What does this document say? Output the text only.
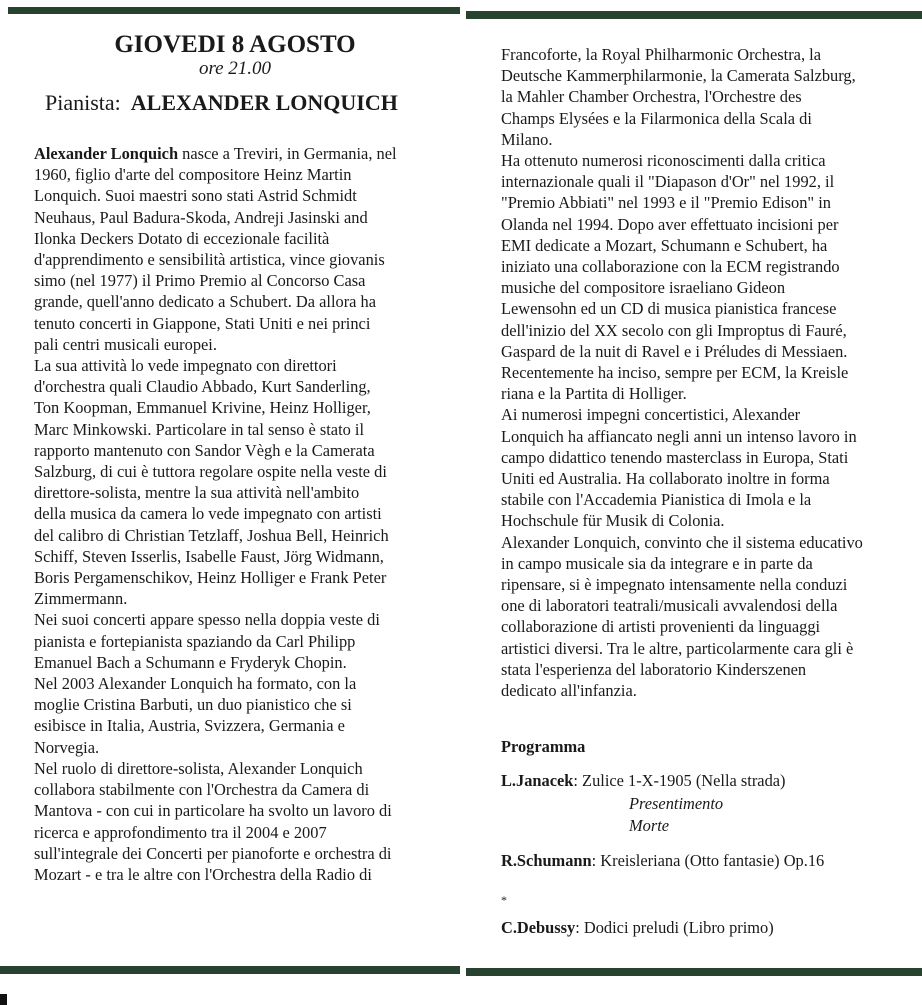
GIOVEDI 8 AGOSTO
ore 21.00
Pianista: ALEXANDER LONQUICH

Alexander Lonquich nasce a Treviri, in Germania, nel
1960, figlio d'arte del compositore Heinz Martin
Lonquich. Suoi maestri sono stati Astrid Schmidt
Neuhaus, Paul Badura-Skoda, Andreji Jasinski and
Ilonka Deckers Dotato di eccezionale facilità
d'apprendimento e sensibilità artistica, vince giovanis
simo (nel 1977) il Primo Premio al Concorso Casa
grande, quell'anno dedicato a Schubert. Da allora ha
tenuto concerti in Giappone, Stati Uniti e nei princi
pali centri musicali europei.

La sua attività lo vede impegnato con direttori
d'orchestra quali Claudio Abbado, Kurt Sanderling,
Ton Koopman, Emmanuel Krivine, Heinz Holliger,
Marc Minkowski. Particolare in tal senso è stato il
rapporto mantenuto con Sandor Vègh e la Camerata
Salzburg, di cui è tuttora regolare ospite nella veste di
direttore-solista, mentre la sua attività nell'ambito
della musica da camera lo vede impegnato con artisti
del calibro di Christian Tetzlaff, Joshua Bell, Heinrich
Schiff, Steven Isserlis, Isabelle Faust, Jörg Widmann,
Boris Pergamenschikov, Heinz Holliger e Frank Peter
Zimmermann.

Nei suoi concerti appare spesso nella doppia veste di
pianista e fortepianista spaziando da Carl Philipp
Emanuel Bach a Schumann e Fryderyk Chopin.

Nel 2003 Alexander Lonquich ha formato, con la
moglie Cristina Barbuti, un duo pianistico che si
esibisce in Italia, Austria, Svizzera, Germania e
Norvegia.

Nel ruolo di direttore-solista, Alexander Lonquich
collabora stabilmente con l'Orchestra da Camera di
Mantova - con cui in particolare ha svolto un lavoro di
ricerca e approfondimento tra il 2004 e 2007
sull'integrale dei Concerti per pianoforte e orchestra di
Mozart - e tra le altre con l'Orchestra della Radio di

Francoforte, la Royal Philharmonic Orchestra, la
Deutsche Kammerphilarmonie, la Camerata Salzburg,
la Mahler Chamber Orchestra, l'Orchestre des
Champs Elysées e la Filarmonica della Scala di
Milano.

Ha ottenuto numerosi riconoscimenti dalla critica
internazionale quali il "Diapason d'Or" nel 1992, il
"Premio Abbiati" nel 1993 e il "Premio Edison" in
Olanda nel 1994. Dopo aver effettuato incisioni per
EMI dedicate a Mozart, Schumann e Schubert, ha
iniziato una collaborazione con la ECM registrando
musiche del compositore israeliano Gideon
Lewensohn ed un CD di musica pianistica francese
dell'inizio del XX secolo con gli Improptus di Fauré,
Gaspard de la nuit di Ravel e i Préludes di Messiaen.
Recentemente ha inciso, sempre per ECM, la Kreisle
riana e la Partita di Holliger.

Ai numerosi impegni concertistici, Alexander
Lonquich ha affiancato negli anni un intenso lavoro in
campo didattico tenendo masterclass in Europa, Stati
Uniti ed Australia. Ha collaborato inoltre in forma
stabile con l'Accademia Pianistica di Imola e la
Hochschule für Musik di Colonia.

Alexander Lonquich, convinto che il sistema educativo
in campo musicale sia da integrare e in parte da
ripensare, si è impegnato intensamente nella conduzi
one di laboratori teatrali/musicali avvalendosi della
collaborazione di artisti provenienti da linguaggi
artistici diversi. Tra le altre, particolarmente cara gli è
stata l'esperienza del laboratorio Kinderszenen
dedicato all'infanzia.

Programma
L.Janacek: Zulice 1-X-1905 (Nella strada)
Presentimento
Morte
R.Schumann: Kreisleriana (Otto fantasie) Op.16
*
C.Debussy: Dodici preludi (Libro primo)
